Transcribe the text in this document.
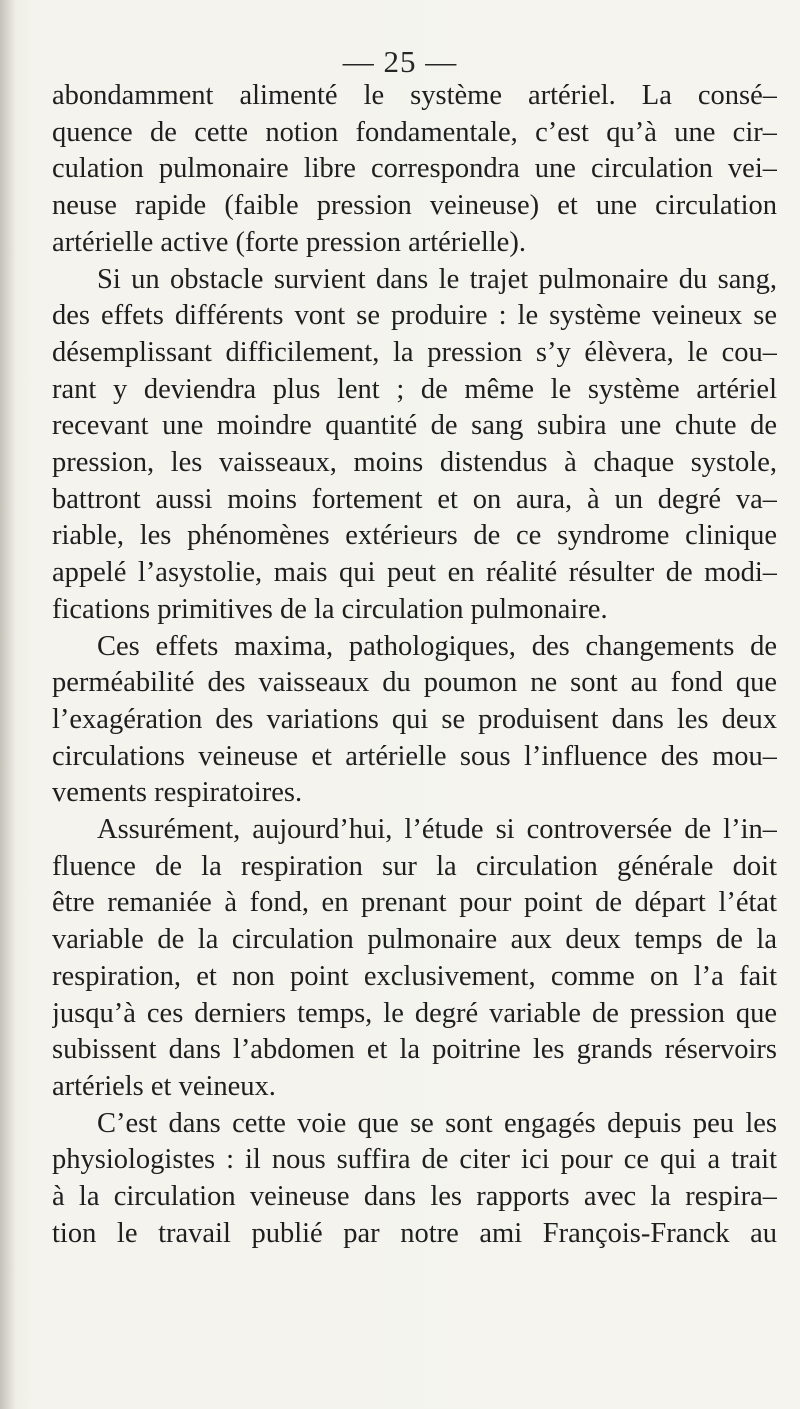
— 25 —
abondamment alimenté le système artériel. La consé–
quence de cette notion fondamentale, c’est qu’à une cir–
culation pulmonaire libre correspondra une circulation vei–
neuse rapide (faible pression veineuse) et une circulation
artérielle active (forte pression artérielle).
Si un obstacle survient dans le trajet pulmonaire du sang,
des effets différents vont se produire : le système veineux se
désemplissant difficilement, la pression s’y élèvera, le cou–
rant y deviendra plus lent ; de même le système artériel
recevant une moindre quantité de sang subira une chute de
pression, les vaisseaux, moins distendus à chaque systole,
battront aussi moins fortement et on aura, à un degré va–
riable, les phénomènes extérieurs de ce syndrome clinique
appelé l’asystolie, mais qui peut en réalité résulter de modi–
fications primitives de la circulation pulmonaire.
Ces effets maxima, pathologiques, des changements de
perméabilité des vaisseaux du poumon ne sont au fond que
l’exagération des variations qui se produisent dans les deux
circulations veineuse et artérielle sous l’influence des mou–
vements respiratoires.
Assurément, aujourd’hui, l’étude si controversée de l’in–
fluence de la respiration sur la circulation générale doit
être remaniée à fond, en prenant pour point de départ l’état
variable de la circulation pulmonaire aux deux temps de la
respiration, et non point exclusivement, comme on l’a fait
jusqu’à ces derniers temps, le degré variable de pression que
subissent dans l’abdomen et la poitrine les grands réservoirs
artériels et veineux.
C’est dans cette voie que se sont engagés depuis peu les
physiologistes : il nous suffira de citer ici pour ce qui a trait
à la circulation veineuse dans les rapports avec la respira–
tion le travail publié par notre ami François-Franck au
